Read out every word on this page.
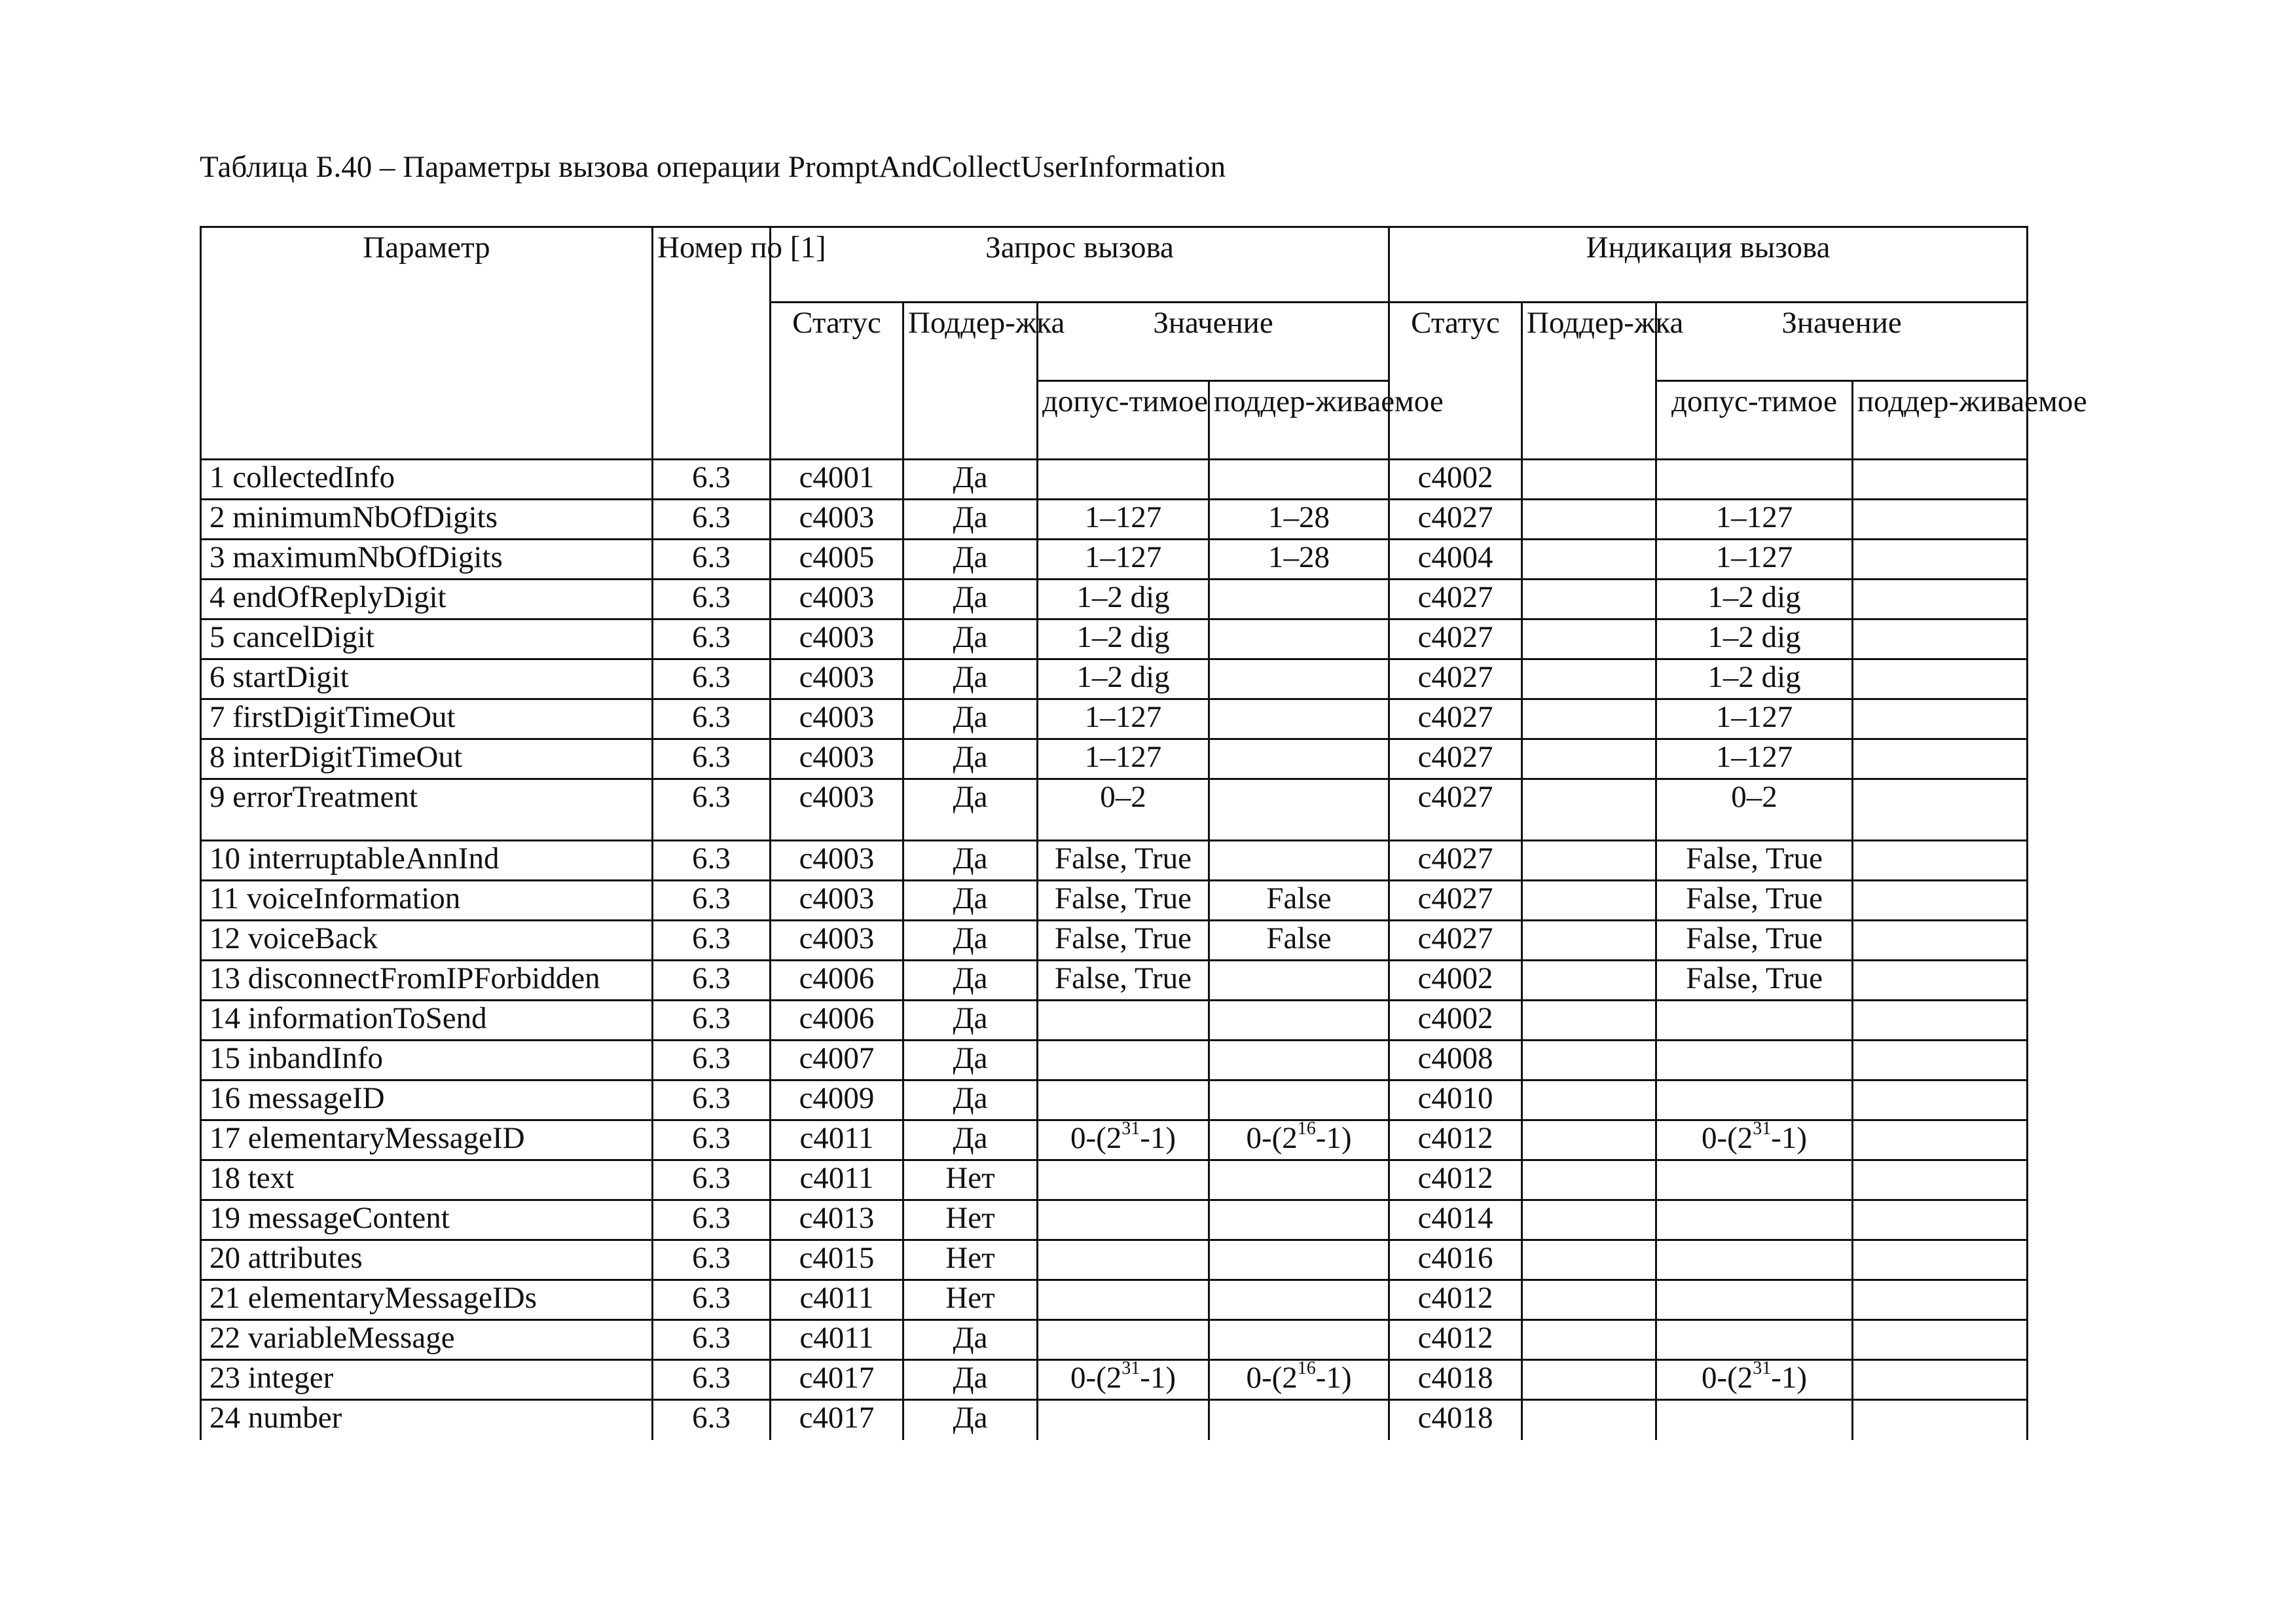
Таблица Б.40 – Параметры вызова операции PromptAndCollectUserInformation
Параметр	Номер по [1]	Запрос вызова				Индикация вызова			
		Статус	Поддер-жка	Значение		Статус	Поддер-жка	Значение	
				допус-тимое	поддер-живаемое			допус-тимое	поддер-живаемое
1 collectedInfo	6.3	c4001	Да			c4002			
2 minimumNbOfDigits	6.3	c4003	Да	1–127	1–28	c4027		1–127	
3 maximumNbOfDigits	6.3	c4005	Да	1–127	1–28	c4004		1–127	
4 endOfReplyDigit	6.3	c4003	Да	1–2 dig		c4027		1–2 dig	
5 cancelDigit	6.3	c4003	Да	1–2 dig		c4027		1–2 dig	
6 startDigit	6.3	c4003	Да	1–2 dig		c4027		1–2 dig	
7 firstDigitTimeOut	6.3	c4003	Да	1–127		c4027		1–127	
8 interDigitTimeOut	6.3	c4003	Да	1–127		c4027		1–127	
9 errorTreatment	6.3	c4003	Да	0–2		c4027		0–2	
10 interruptableAnnInd	6.3	c4003	Да	False, True		c4027		False, True	
11 voiceInformation	6.3	c4003	Да	False, True	False	c4027		False, True	
12 voiceBack	6.3	c4003	Да	False, True	False	c4027		False, True	
13 disconnectFromIPForbidden	6.3	c4006	Да	False, True		c4002		False, True	
14 informationToSend	6.3	c4006	Да			c4002			
15 inbandInfo	6.3	c4007	Да			c4008			
16 messageID	6.3	c4009	Да			c4010			
17 elementaryMessageID	6.3	c4011	Да	$0-(2^{31}-1)$	$0-(2^{16}-1)$	c4012		$0-(2^{31}-1)$	
18 text	6.3	c4011	Нет			c4012			
19 messageContent	6.3	c4013	Нет			c4014			
20 attributes	6.3	c4015	Нет			c4016			
21 elementaryMessageIDs	6.3	c4011	Нет			c4012			
22 variableMessage	6.3	c4011	Да			c4012			
23 integer	6.3	c4017	Да	$0-(2^{31}-1)$	$0-(2^{16}-1)$	c4018		$0-(2^{31}-1)$	
24 number	6.3	c4017	Да			c4018			
